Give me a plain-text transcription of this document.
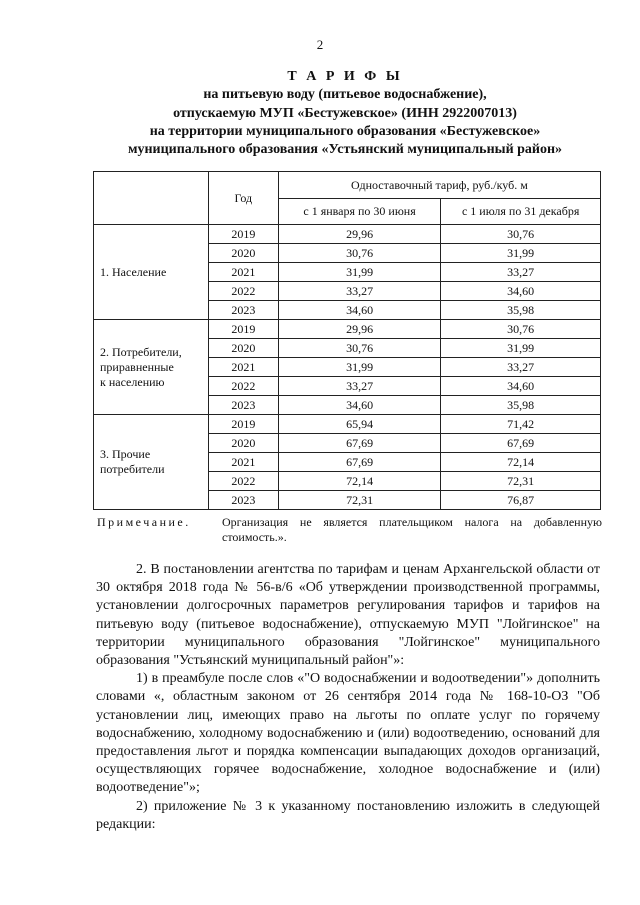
2
Т А Р И Ф Ы
на питьевую воду (питьевое водоснабжение),
отпускаемую МУП «Бестужевское» (ИНН 2922007013)
на территории муниципального образования «Бестужевское»
муниципального образования «Устьянский муниципальный район»
	Год	Одноставочный тариф, руб./куб. м	
		с 1 января по 30 июня	с 1 июля по 31 декабря
1. Население	2019	29,96	30,76
	2020	30,76	31,99
	2021	31,99	33,27
	2022	33,27	34,60
	2023	34,60	35,98

2. Потребители,
приравненные
к населению	2019	29,96	30,76
	2020	30,76	31,99
	2021	31,99	33,27
	2022	33,27	34,60
	2023	34,60	35,98

3. Прочие
потребители	2019	65,94	71,42
	2020	67,69	67,69
	2021	67,69	72,14
	2022	72,14	72,31
	2023	72,31	76,87
Примечание.	Организация не является плательщиком налога на добавленную стоимость.».

2. В постановлении агентства по тарифам и ценам Архангельской области от 30 октября 2018 года № 56-в/6 «Об утверждении производственной программы, установлении долгосрочных параметров регулирования тарифов и тарифов на питьевую воду (питьевое водоснабжение), отпускаемую МУП "Лойгинское" на территории муниципального образования "Лойгинское" муниципального образования "Устьянский муниципальный район"»:

1) в преамбуле после слов «"О водоснабжении и водоотведении"» дополнить словами «, областным законом от 26 сентября 2014 года № 168-10-ОЗ "Об установлении лиц, имеющих право на льготы по оплате услуг по горячему водоснабжению, холодному водоснабжению и (или) водоотведению, оснований для предоставления льгот и порядка компенсации выпадающих доходов организаций, осуществляющих горячее водоснабжение, холодное водоснабжение и (или) водоотведение"»;

2) приложение № 3 к указанному постановлению изложить в следующей редакции:
